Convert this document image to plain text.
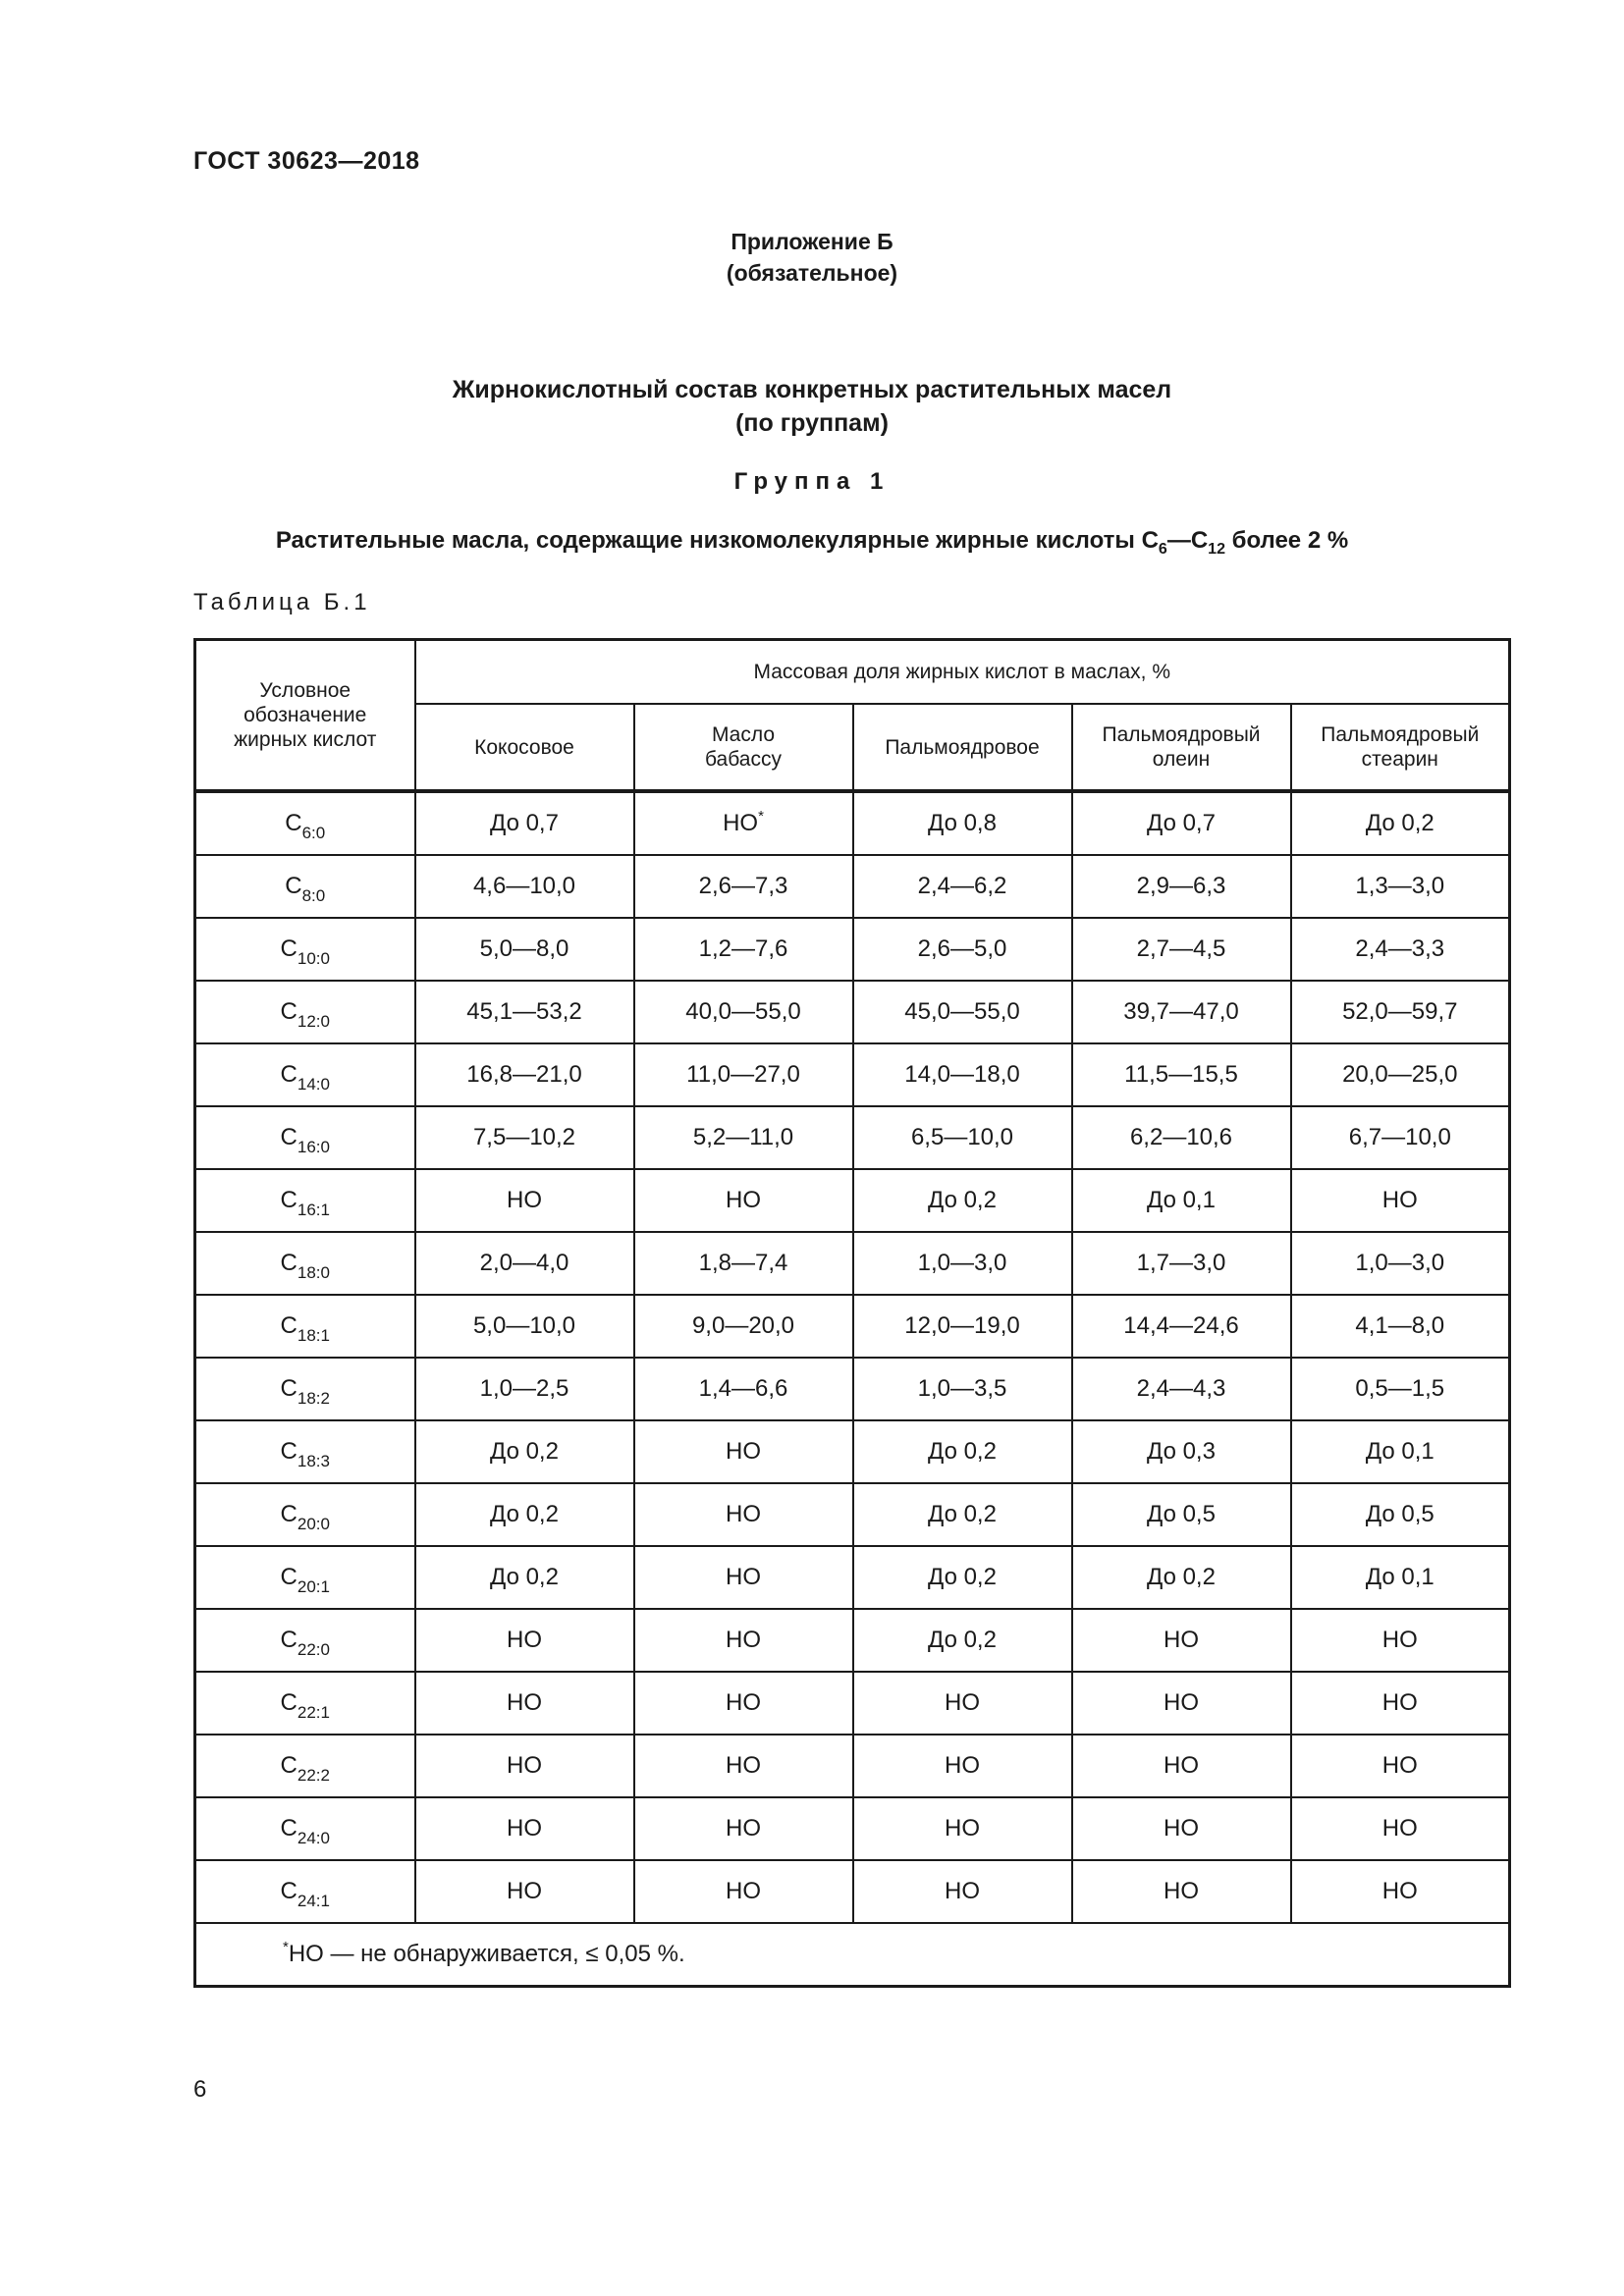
ГОСТ 30623—2018
Приложение Б
(обязательное)
Жирнокислотный состав конкретных растительных масел
(по группам)
Группа 1
Растительные масла, содержащие низкомолекулярные жирные кислоты $C_6—C_{12}$ более 2 %
Таблица Б.1
Условное обозначение жирных кислот	Массовая доля жирных кислот в маслах, %				

	Кокосовое	Масло бабассу	Пальмоядровое	Пальмоядровый олеин	Пальмоядровый стеарин

$C_{6:0}$	До 0,7	НО*	До 0,8	До 0,7	До 0,2
$C_{8:0}$	4,6—10,0	2,6—7,3	2,4—6,2	2,9—6,3	1,3—3,0
$C_{10:0}$	5,0—8,0	1,2—7,6	2,6—5,0	2,7—4,5	2,4—3,3
$C_{12:0}$	45,1—53,2	40,0—55,0	45,0—55,0	39,7—47,0	52,0—59,7
$C_{14:0}$	16,8—21,0	11,0—27,0	14,0—18,0	11,5—15,5	20,0—25,0
$C_{16:0}$	7,5—10,2	5,2—11,0	6,5—10,0	6,2—10,6	6,7—10,0
$C_{16:1}$	НО	НО	До 0,2	До 0,1	НО
$C_{18:0}$	2,0—4,0	1,8—7,4	1,0—3,0	1,7—3,0	1,0—3,0
$C_{18:1}$	5,0—10,0	9,0—20,0	12,0—19,0	14,4—24,6	4,1—8,0
$C_{18:2}$	1,0—2,5	1,4—6,6	1,0—3,5	2,4—4,3	0,5—1,5
$C_{18:3}$	До 0,2	НО	До 0,2	До 0,3	До 0,1
$C_{20:0}$	До 0,2	НО	До 0,2	До 0,5	До 0,5
$C_{20:1}$	До 0,2	НО	До 0,2	До 0,2	До 0,1
$C_{22:0}$	НО	НО	До 0,2	НО	НО
$C_{22:1}$	НО	НО	НО	НО	НО
$C_{22:2}$	НО	НО	НО	НО	НО
$C_{24:0}$	НО	НО	НО	НО	НО
$C_{24:1}$	НО	НО	НО	НО	НО
*НО — не обнаруживается, ≤ 0,05 %.					
6
